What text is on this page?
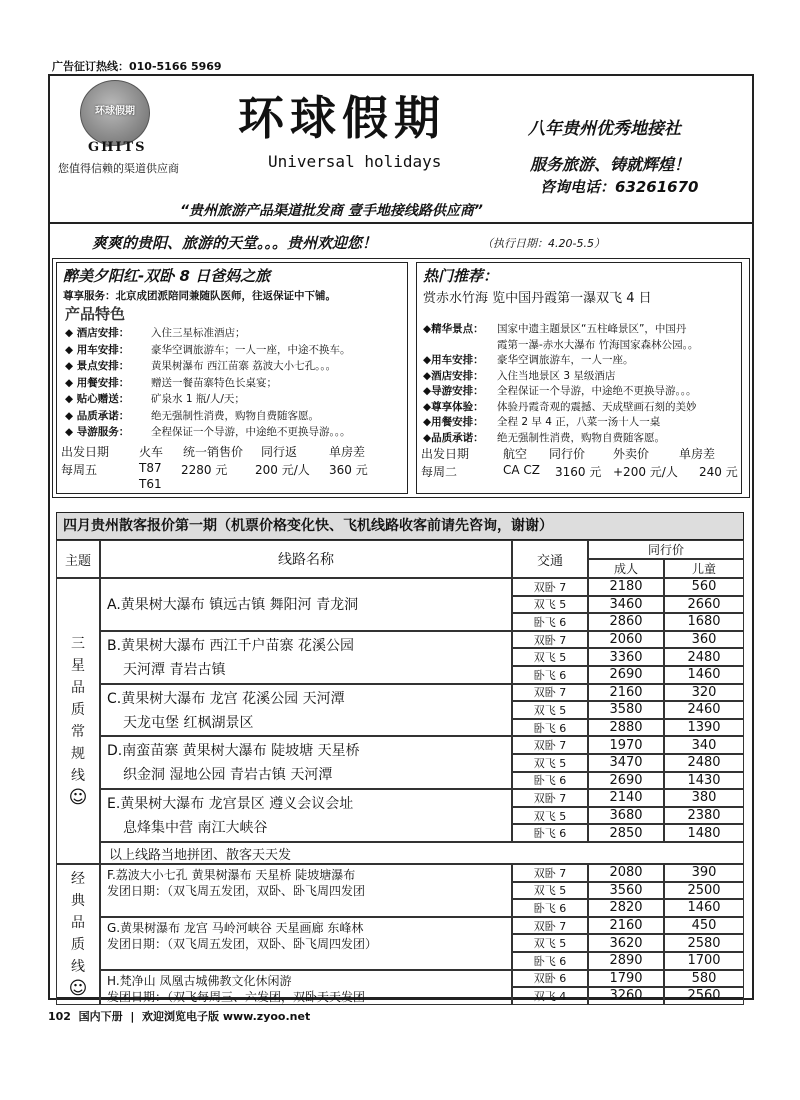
广告征订热线：010-5166 5969
环球假期
GHITS
您值得信赖的渠道供应商
环球假期
Universal holidays
八年贵州优秀地接社
服务旅游、铸就辉煌！
咨询电话：63261670
“贵州旅游产品渠道批发商 壹手地接线路供应商”
爽爽的贵阳、旅游的天堂。。。贵州欢迎您！	（执行日期：4.20-5.5）
醉美夕阳红-双卧 8 日爸妈之旅
尊享服务：北京成团派陪同兼随队医师，往返保证中下铺。
产品特色
◆ 酒店安排： 入住三星标准酒店；
◆ 用车安排： 豪华空调旅游车；一人一座，中途不换车。
◆ 景点安排： 黄果树瀑布 西江苗寨 荔波大小七孔。。。
◆ 用餐安排： 赠送一餐苗寨特色长桌宴；
◆ 贴心赠送： 矿泉水 1 瓶/人/天；
◆ 品质承诺： 绝无强制性消费，购物自费随客愿。
◆ 导游服务： 全程保证一个导游，中途绝不更换导游。。。
出发日期 火车 统一销售价 同行返	单房差
每周五	T87 2280 元 200 元/人 360 元
T61
热门推荐：
赏赤水竹海 览中国丹霞第一瀑双飞 4 日
◆精华景点： 国家中遗主题景区“五柱峰景区”，中国丹
霞第一瀑-赤水大瀑布 竹海国家森林公园。。
◆用车安排： 豪华空调旅游车，一人一座。
◆酒店安排： 入住当地景区 3 星级酒店
◆导游安排： 全程保证一个导游，中途绝不更换导游。。。
◆尊享体验： 体验丹霞奇观的震撼、天成壁画石刻的美妙
◆用餐安排： 全程 2 早 4 正，八菜一汤十人一桌
◆品质承诺： 绝无强制性消费，购物自费随客愿。
出发日期	航空 同行价 外卖价 单房差
每周二	CA CZ 3160 元 +200 元/人 240 元
四月贵州散客报价第一期（机票价格变化快、飞机线路收客前请先咨询，谢谢）
主题	线路名称	交通
同行价
成人	儿童
A.黄果树大瀑布 镇远古镇 舞阳河 青龙洞
双卧 7	2180	560
双飞 5	3460	2660
卧飞 6	2860	1680
B.黄果树大瀑布 西江千户苗寨 花溪公园
天河潭 青岩古镇
双卧 7	2060	360
双飞 5	3360	2480
卧飞 6	2690	1460
C.黄果树大瀑布 龙宫 花溪公园 天河潭
天龙屯堡 红枫湖景区
双卧 7	2160	320
双飞 5	3580	2460
卧飞 6	2880	1390
D.南蛮苗寨 黄果树大瀑布 陡坡塘 天星桥
织金洞 湿地公园 青岩古镇 天河潭
双卧 7	1970	340
双飞 5	3470	2480
卧飞 6	2690	1430
E.黄果树大瀑布 龙宫景区 遵义会议会址
息烽集中营 南江大峡谷
双卧 7	2140	380
双飞 5	3680	2380
卧飞 6	2850	1480
以上线路当地拼团、散客天天发
三星品质常规线
☺
F.荔波大小七孔 黄果树瀑布 天星桥 陡坡塘瀑布
发团日期：（双飞周五发团，双卧、卧飞周四发团
双卧 7	2080	390
双飞 5	3560	2500
卧飞 6	2820	1460
G.黄果树瀑布 龙宫 马岭河峡谷 天星画廊 东峰林
发团日期：（双飞周五发团，双卧、卧飞周四发团）
双卧 7	2160	450
双飞 5	3620	2580
卧飞 6	2890	1700
H.梵净山 凤凰古城佛教文化休闲游
发团日期：（双飞每周三、六发团，双卧天天发团
双卧 6	1790	580
双飞 4	3260	2560
经典品质线
☺
102 国内下册 | 欢迎浏览电子版 www.zyoo.net
